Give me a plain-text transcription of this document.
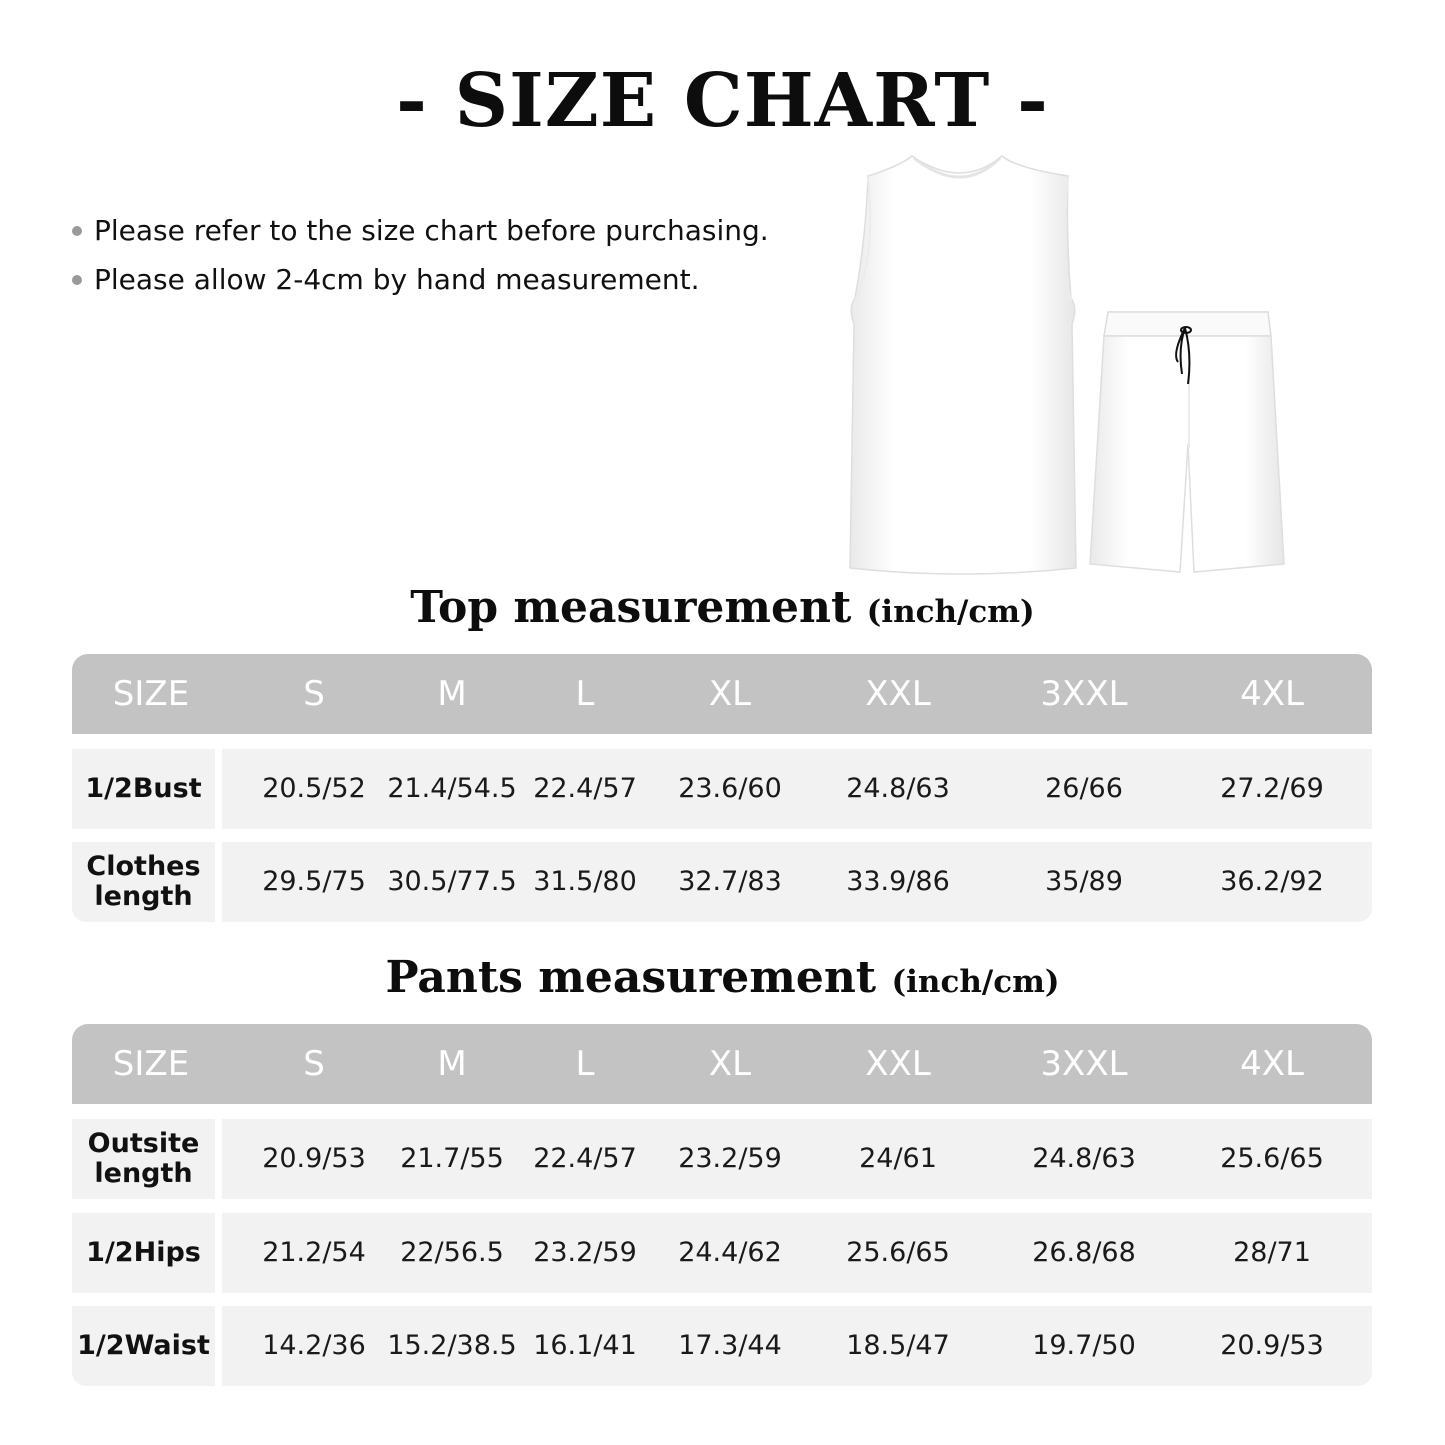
- SIZE CHART -
Please refer to the size chart before purchasing.
Please allow 2-4cm by hand measurement.
Top measurement (inch/cm)
SIZE	S	M	L	XL	XXL	3XXL	4XL
1/2Bust	20.5/52 21.4/54.5 22.4/57	23.6/60	24.8/63	26/66	27.2/69
Clothes length	29.5/75 30.5/77.5 31.5/80	32.7/83	33.9/86	35/89	36.2/92
Pants measurement (inch/cm)
SIZE	S	M	L	XL	XXL	3XXL	4XL
Outsite length	20.9/53	21.7/55	22.4/57	23.2/59	24/61	24.8/63	25.6/65
1/2Hips	21.2/54	22/56.5	23.2/59	24.4/62	25.6/65	26.8/68	28/71
1/2Waist	14.2/36 15.2/38.5 16.1/41	17.3/44	18.5/47	19.7/50	20.9/53
